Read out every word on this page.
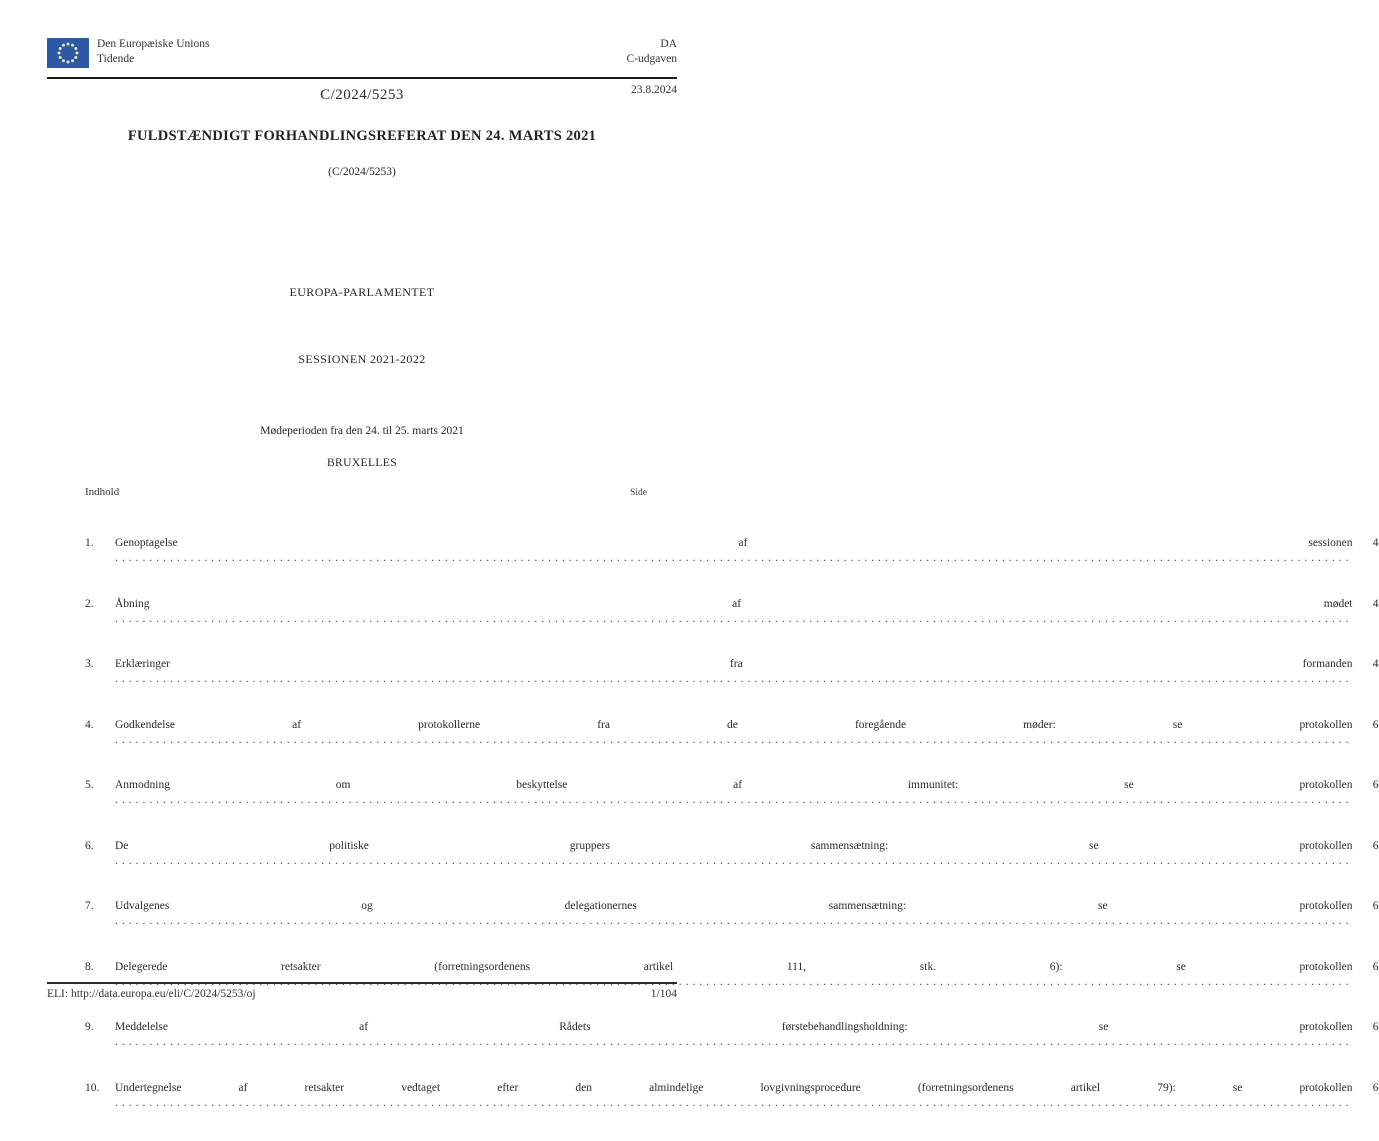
Den Europæiske Unions
Tidende
DA
C-udgaven
23.8.2024
C/2024/5253
FULDSTÆNDIGT FORHANDLINGSREFERAT DEN 24. MARTS 2021
(C/2024/5253)
EUROPA-PARLAMENTET
SESSIONEN 2021-2022
Mødeperioden fra den 24. til 25. marts 2021
BRUXELLES
Indhold	Side
1.	Genoptagelse af sessionen .....	4
2.	Åbning af mødet .....	4
3.	Erklæringer fra formanden .....	4
4.	Godkendelse af protokollerne fra de foregående møder: se protokollen .....	6
5.	Anmodning om beskyttelse af immunitet: se protokollen .....	6
6.	De politiske gruppers sammensætning: se protokollen .....	6
7.	Udvalgenes og delegationernes sammensætning: se protokollen .....	6
8.	Delegerede retsakter (forretningsordenens artikel 111, stk. 6): se protokollen .....	6
9.	Meddelelse af Rådets førstebehandlingsholdning: se protokollen .....	6
10.	Undertegnelse af retsakter vedtaget efter den almindelige lovgivningsprocedure (forretningsordenens artikel 79): se protokollen .....	6
ELI: http://data.europa.eu/eli/C/2024/5253/oj	1/104
